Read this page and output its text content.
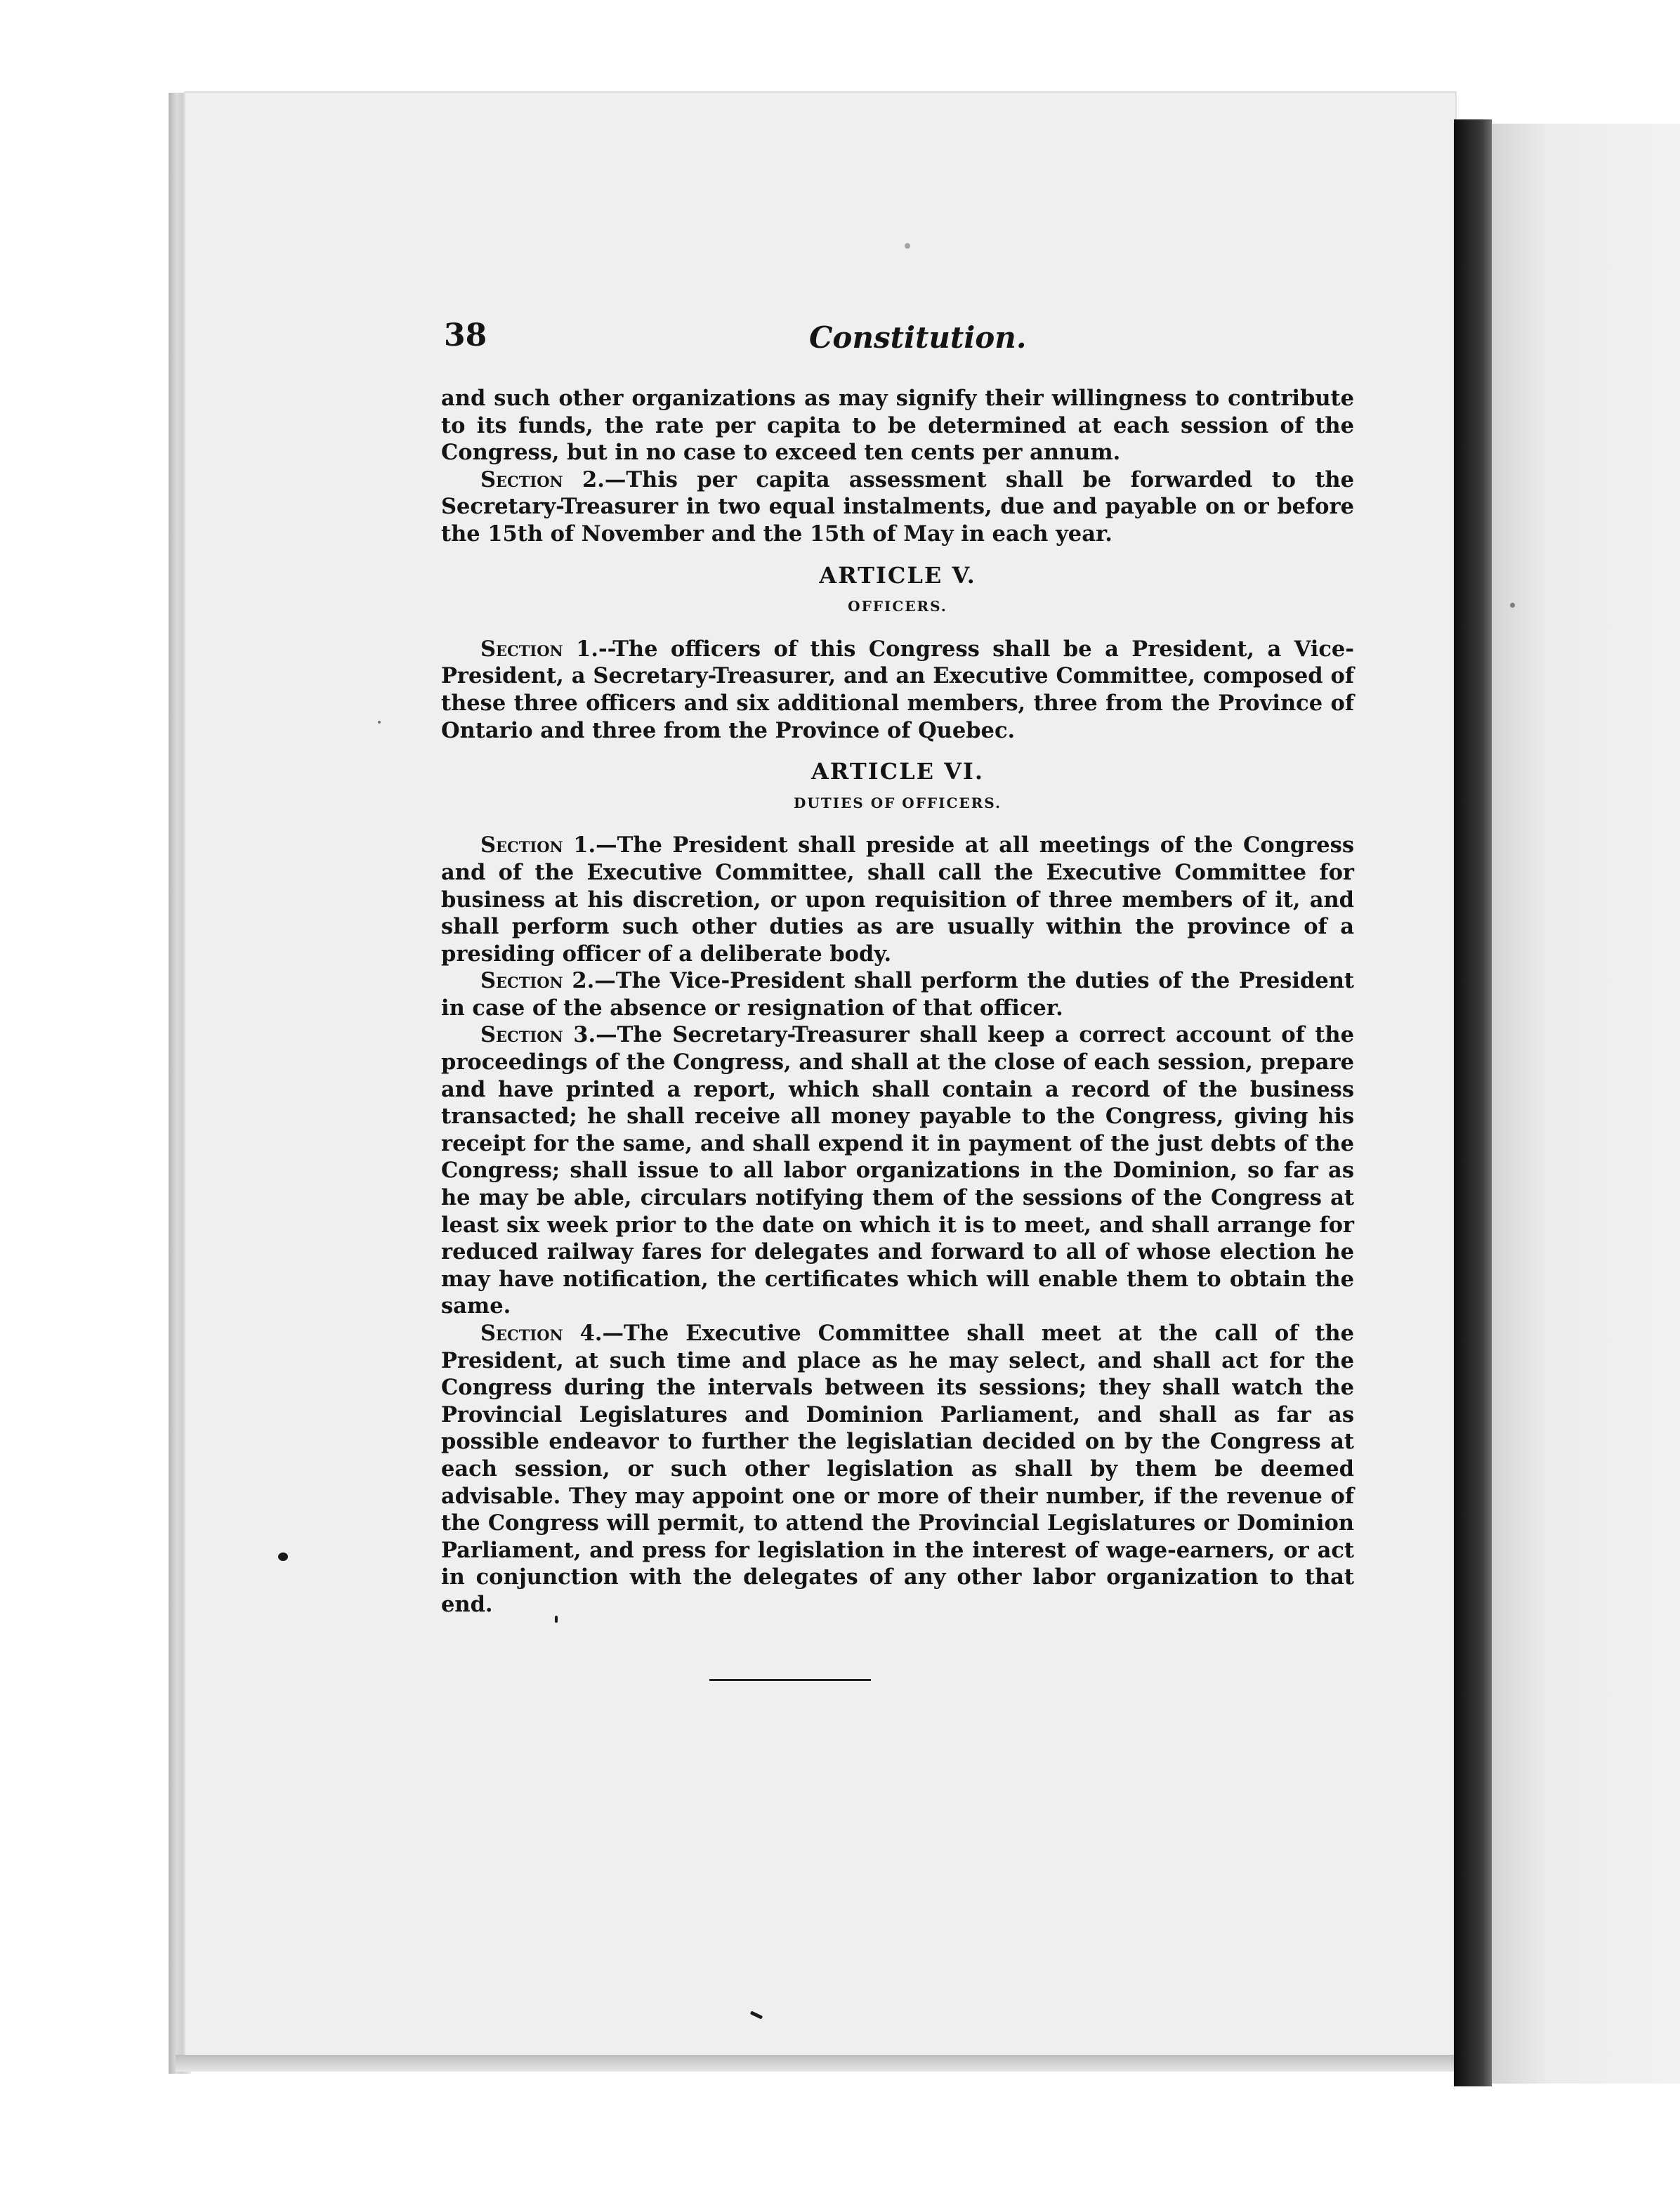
38	Constitution.

and such other organizations as may signify their willingness to contribute to its funds, the rate per capita to be determined at each session of the Congress, but in no case to exceed ten cents per annum.

Section 2.—This per capita assessment shall be forwarded to the Secretary-Treasurer in two equal instalments, due and payable on or before the 15th of November and the 15th of May in each year.

ARTICLE V.
OFFICERS.

Section 1.--The officers of this Congress shall be a President, a Vice-President, a Secretary-Treasurer, and an Executive Committee, composed of these three officers and six additional members, three from the Province of Ontario and three from the Province of Quebec.

ARTICLE VI.
DUTIES OF OFFICERS.

Section 1.—The President shall preside at all meetings of the Congress and of the Executive Committee, shall call the Executive Committee for business at his discretion, or upon requisition of three members of it, and shall perform such other duties as are usually within the province of a presiding officer of a deliberate body.

Section 2.—The Vice-President shall perform the duties of the President in case of the absence or resignation of that officer.

Section 3.—The Secretary-Treasurer shall keep a correct account of the proceedings of the Congress, and shall at the close of each session, prepare and have printed a report, which shall contain a record of the business transacted; he shall receive all money payable to the Congress, giving his receipt for the same, and shall expend it in payment of the just debts of the Congress; shall issue to all labor organizations in the Dominion, so far as he may be able, circulars notifying them of the sessions of the Congress at least six week prior to the date on which it is to meet, and shall arrange for reduced railway fares for delegates and forward to all of whose election he may have notification, the certificates which will enable them to obtain the same.

Section 4.—The Executive Committee shall meet at the call of the President, at such time and place as he may select, and shall act for the Congress during the intervals between its sessions; they shall watch the Provincial Legislatures and Dominion Parliament, and shall as far as possible endeavor to further the legislatian decided on by the Congress at each session, or such other legislation as shall by them be deemed advisable. They may appoint one or more of their number, if the revenue of the Congress will permit, to attend the Provincial Legislatures or Dominion Parliament, and press for legislation in the interest of wage-earners, or act in conjunction with the delegates of any other labor organization to that end.
